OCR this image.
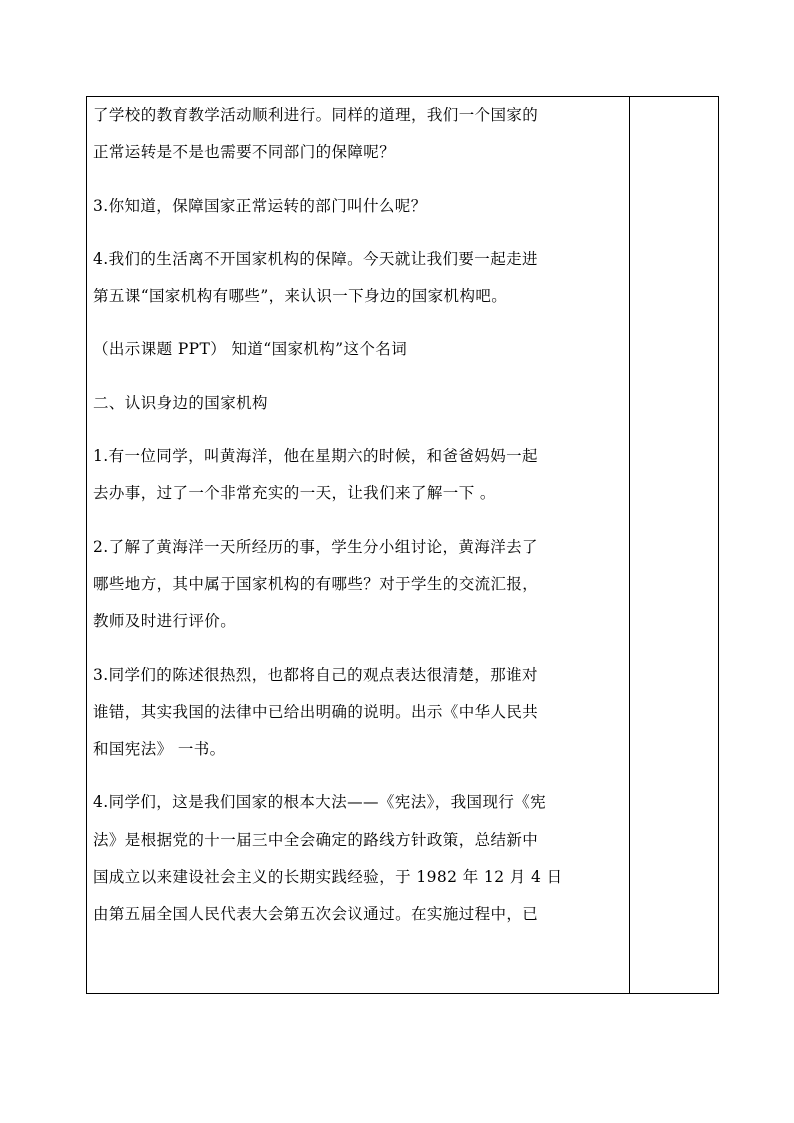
了学校的教育教学活动顺利进行。同样的道理，我们一个国家的
正常运转是不是也需要不同部门的保障呢？

3.你知道，保障国家正常运转的部门叫什么呢？

4.我们的生活离不开国家机构的保障。今天就让我们要一起走进
第五课“国家机构有哪些”，来认识一下身边的国家机构吧。

（出示课题 PPT） 知道“国家机构”这个名词

二、认识身边的国家机构

1.有一位同学，叫黄海洋，他在星期六的时候，和爸爸妈妈一起
去办事，过了一个非常充实的一天，让我们来了解一下 。

2.了解了黄海洋一天所经历的事，学生分小组讨论，黄海洋去了
哪些地方，其中属于国家机构的有哪些？对于学生的交流汇报，
教师及时进行评价。

3.同学们的陈述很热烈，也都将自己的观点表达很清楚，那谁对
谁错，其实我国的法律中已给出明确的说明。出示《中华人民共
和国宪法》 一书。

4.同学们，这是我们国家的根本大法——《宪法》，我国现行《宪
法》是根据党的十一届三中全会确定的路线方针政策，总结新中
国成立以来建设社会主义的长期实践经验，于 1982 年 12 月 4 日
由第五届全国人民代表大会第五次会议通过。在实施过程中，已
